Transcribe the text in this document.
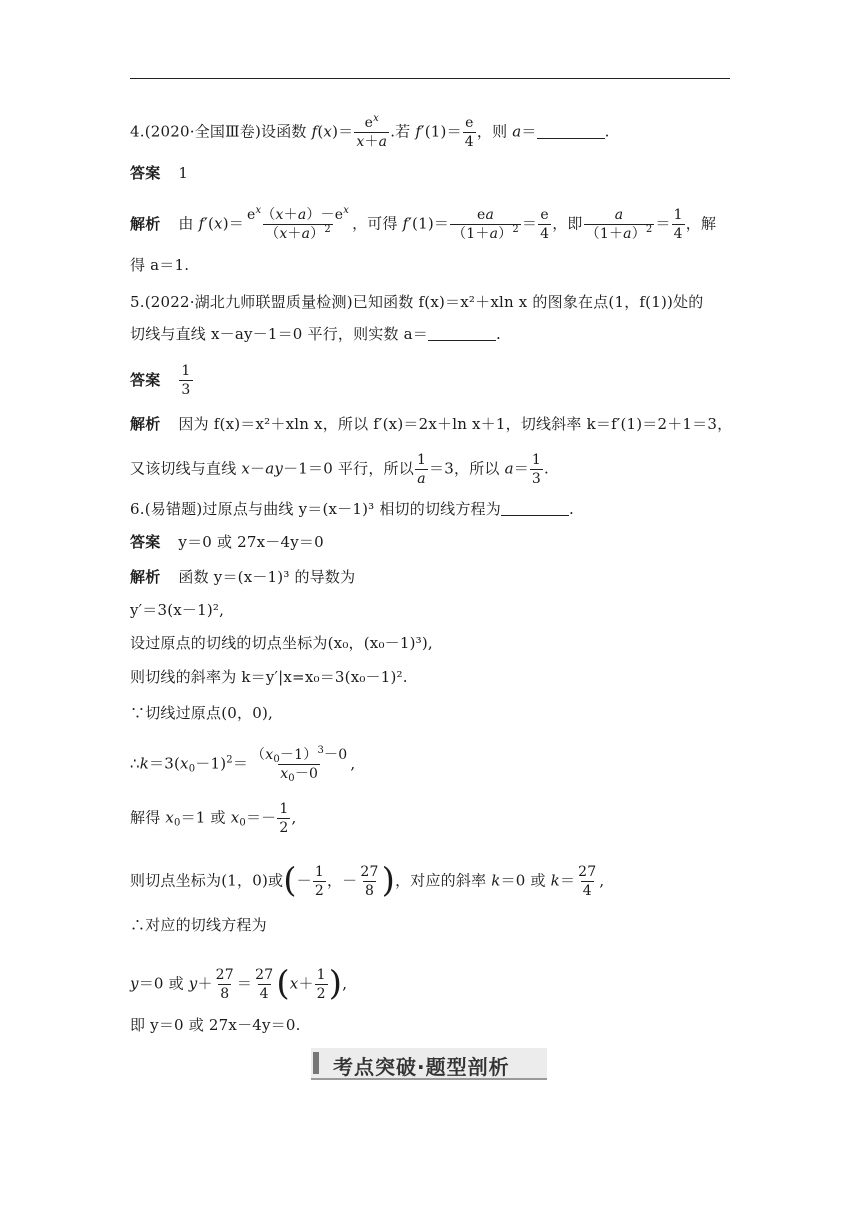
4.(2020·全国Ⅲ卷)设函数 $f(x)= \frac{e^x}{x+a}$ .若 $f'(1)= \frac{e}{4}$ ，则 a＝	.
答案 1
解析 由 $f'(x)= \frac{e^x(x+a)-e^x}{(x+a)^2}$ ，可得 $f'(1)= \frac{ea}{(1+a)^2} = \frac{e}{4}$ ，即 $\frac{a}{(1+a)^2} = \frac{1}{4}$ ，解
得 a＝1.
5.(2022·湖北九师联盟质量检测)已知函数 f(x)＝x²＋xln x 的图象在点(1，f(1))处的
切线与直线 x－ay－1＝0 平行，则实数 a＝	.
答案 $\frac{1}{3}$
解析 因为 f(x)＝x²＋xln x，所以 f′(x)＝2x＋ln x＋1，切线斜率 k＝f′(1)＝2＋1＝3，
又该切线与直线 x－ay－1＝0 平行，所以 $\frac{1}{a} =3$，所以 $a= \frac{1}{3}$ .
6.(易错题)过原点与曲线 y＝(x－1)³ 相切的切线方程为	.
答案 y＝0 或 27x－4y＝0
解析 函数 y＝(x－1)³ 的导数为
y′＝3(x－1)²,
设过原点的切线的切点坐标为(x₀，(x₀－1)³),
则切线的斜率为 k＝y′|x=x₀＝3(x₀－1)².
∵切线过原点(0，0),
$\therefore k=3(x_0-1)^2= \frac{(x_0-1)^3-0}{x_0-0}$ ,
解得 $x_0=1$ 或 $x_0=- \frac{1}{2}$ ,
则切点坐标为(1，0)或(－ $\frac{1}{2}$ ，－ $\frac{27}{8}$ )，对应的斜率 k＝0 或 $k= \frac{27}{4}$ ,
∴对应的切线方程为
y＝0 或 $y+ \frac{27}{8} = \frac{27}{4} (x+ \frac{1}{2}$ ),
即 y＝0 或 27x－4y＝0.
考点突破·题型剖析
